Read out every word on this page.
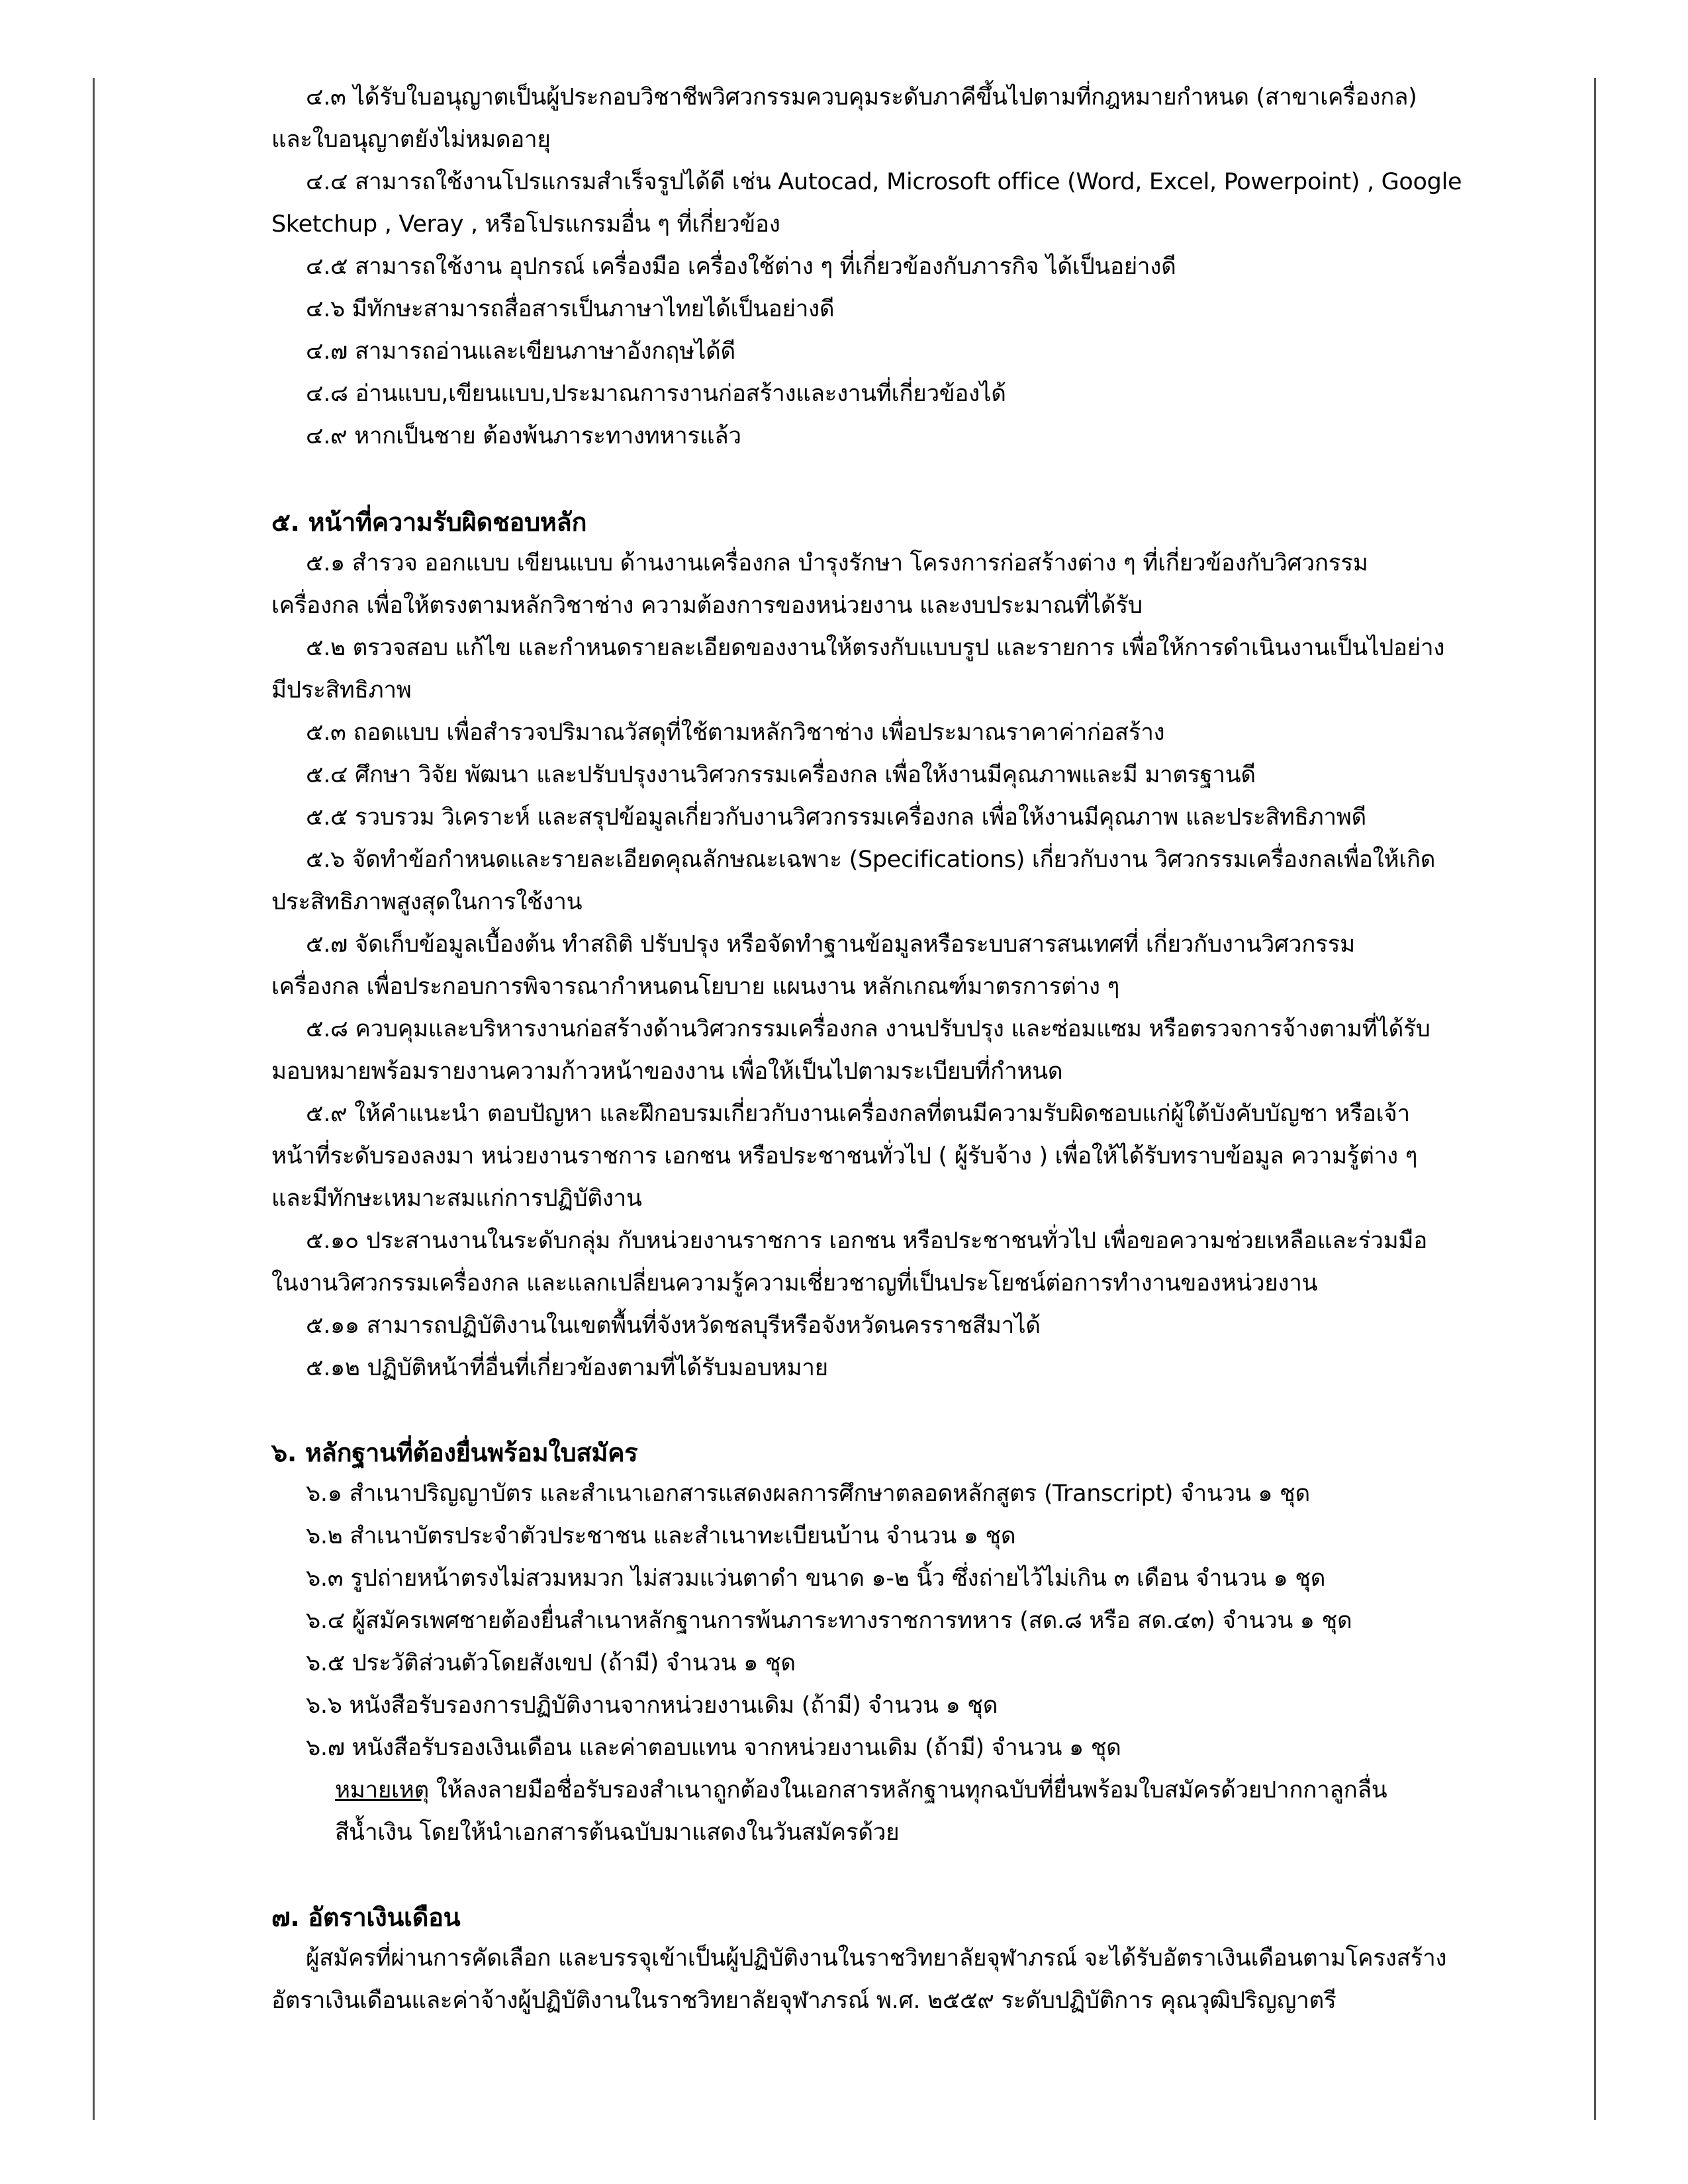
๔.๓ ได้รับใบอนุญาตเป็นผู้ประกอบวิชาชีพวิศวกรรมควบคุมระดับภาคีขึ้นไปตามที่กฎหมายกำหนด (สาขาเครื่องกล)
และใบอนุญาตยังไม่หมดอายุ
๔.๔ สามารถใช้งานโปรแกรมสำเร็จรูปได้ดี เช่น Autocad, Microsoft office (Word, Excel, Powerpoint) , Google
Sketchup , Veray , หรือโปรแกรมอื่น ๆ ที่เกี่ยวข้อง
๔.๕ สามารถใช้งาน อุปกรณ์ เครื่องมือ เครื่องใช้ต่าง ๆ ที่เกี่ยวข้องกับภารกิจ ได้เป็นอย่างดี
๔.๖ มีทักษะสามารถสื่อสารเป็นภาษาไทยได้เป็นอย่างดี
๔.๗ สามารถอ่านและเขียนภาษาอังกฤษได้ดี
๔.๘ อ่านแบบ,เขียนแบบ,ประมาณการงานก่อสร้างและงานที่เกี่ยวข้องได้
๔.๙ หากเป็นชาย ต้องพ้นภาระทางทหารแล้ว
๕. หน้าที่ความรับผิดชอบหลัก
๕.๑ สำรวจ ออกแบบ เขียนแบบ ด้านงานเครื่องกล บำรุงรักษา โครงการก่อสร้างต่าง ๆ ที่เกี่ยวข้องกับวิศวกรรม
เครื่องกล เพื่อให้ตรงตามหลักวิชาช่าง ความต้องการของหน่วยงาน และงบประมาณที่ได้รับ
๕.๒ ตรวจสอบ แก้ไข และกำหนดรายละเอียดของงานให้ตรงกับแบบรูป และรายการ เพื่อให้การดำเนินงานเป็นไปอย่าง
มีประสิทธิภาพ
๕.๓ ถอดแบบ เพื่อสำรวจปริมาณวัสดุที่ใช้ตามหลักวิชาช่าง เพื่อประมาณราคาค่าก่อสร้าง
๕.๔ ศึกษา วิจัย พัฒนา และปรับปรุงงานวิศวกรรมเครื่องกล เพื่อให้งานมีคุณภาพและมี มาตรฐานดี
๕.๕ รวบรวม วิเคราะห์ และสรุปข้อมูลเกี่ยวกับงานวิศวกรรมเครื่องกล เพื่อให้งานมีคุณภาพ และประสิทธิภาพดี
๕.๖ จัดทำข้อกำหนดและรายละเอียดคุณลักษณะเฉพาะ (Specifications) เกี่ยวกับงาน วิศวกรรมเครื่องกลเพื่อให้เกิด
ประสิทธิภาพสูงสุดในการใช้งาน
๕.๗ จัดเก็บข้อมูลเบื้องต้น ทำสถิติ ปรับปรุง หรือจัดทำฐานข้อมูลหรือระบบสารสนเทศที่ เกี่ยวกับงานวิศวกรรม
เครื่องกล เพื่อประกอบการพิจารณากำหนดนโยบาย แผนงาน หลักเกณฑ์มาตรการต่าง ๆ
๕.๘ ควบคุมและบริหารงานก่อสร้างด้านวิศวกรรมเครื่องกล งานปรับปรุง และซ่อมแซม หรือตรวจการจ้างตามที่ได้รับ
มอบหมายพร้อมรายงานความก้าวหน้าของงาน เพื่อให้เป็นไปตามระเบียบที่กำหนด
๕.๙ ให้คำแนะนำ ตอบปัญหา และฝึกอบรมเกี่ยวกับงานเครื่องกลที่ตนมีความรับผิดชอบแก่ผู้ใต้บังคับบัญชา หรือเจ้า
หน้าที่ระดับรองลงมา หน่วยงานราชการ เอกชน หรือประชาชนทั่วไป ( ผู้รับจ้าง ) เพื่อให้ได้รับทราบข้อมูล ความรู้ต่าง ๆ
และมีทักษะเหมาะสมแก่การปฏิบัติงาน
๕.๑๐ ประสานงานในระดับกลุ่ม กับหน่วยงานราชการ เอกชน หรือประชาชนทั่วไป เพื่อขอความช่วยเหลือและร่วมมือ
ในงานวิศวกรรมเครื่องกล และแลกเปลี่ยนความรู้ความเชี่ยวชาญที่เป็นประโยชน์ต่อการทำงานของหน่วยงาน
๕.๑๑ สามารถปฏิบัติงานในเขตพื้นที่จังหวัดชลบุรีหรือจังหวัดนครราชสีมาได้
๕.๑๒ ปฏิบัติหน้าที่อื่นที่เกี่ยวข้องตามที่ได้รับมอบหมาย
๖. หลักฐานที่ต้องยื่นพร้อมใบสมัคร
๖.๑ สำเนาปริญญาบัตร และสำเนาเอกสารแสดงผลการศึกษาตลอดหลักสูตร (Transcript) จำนวน ๑ ชุด
๖.๒ สำเนาบัตรประจำตัวประชาชน และสำเนาทะเบียนบ้าน จำนวน ๑ ชุด
๖.๓ รูปถ่ายหน้าตรงไม่สวมหมวก ไม่สวมแว่นตาดำ ขนาด ๑-๒ นิ้ว ซึ่งถ่ายไว้ไม่เกิน ๓ เดือน จำนวน ๑ ชุด
๖.๔ ผู้สมัครเพศชายต้องยื่นสำเนาหลักฐานการพ้นภาระทางราชการทหาร (สด.๘ หรือ สด.๔๓) จำนวน ๑ ชุด
๖.๕ ประวัติส่วนตัวโดยสังเขป (ถ้ามี) จำนวน ๑ ชุด
๖.๖ หนังสือรับรองการปฏิบัติงานจากหน่วยงานเดิม (ถ้ามี) จำนวน ๑ ชุด
๖.๗ หนังสือรับรองเงินเดือน และค่าตอบแทน จากหน่วยงานเดิม (ถ้ามี) จำนวน ๑ ชุด
หมายเหตุ ให้ลงลายมือชื่อรับรองสำเนาถูกต้องในเอกสารหลักฐานทุกฉบับที่ยื่นพร้อมใบสมัครด้วยปากกาลูกลื่น
สีน้ำเงิน โดยให้นำเอกสารต้นฉบับมาแสดงในวันสมัครด้วย
๗. อัตราเงินเดือน
ผู้สมัครที่ผ่านการคัดเลือก และบรรจุเข้าเป็นผู้ปฏิบัติงานในราชวิทยาลัยจุฬาภรณ์ จะได้รับอัตราเงินเดือนตามโครงสร้าง
อัตราเงินเดือนและค่าจ้างผู้ปฏิบัติงานในราชวิทยาลัยจุฬาภรณ์ พ.ศ. ๒๕๕๙ ระดับปฏิบัติการ คุณวุฒิปริญญาตรี
